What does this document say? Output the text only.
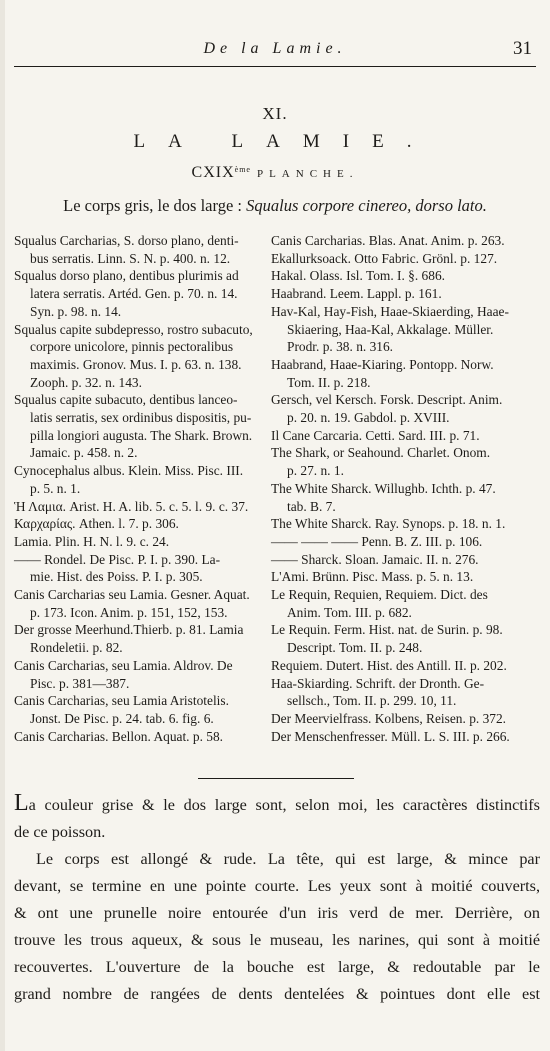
De la Lamie.	31
XI.
LA LAMIE.
CXIXème PLANCHE.
Le corps gris, le dos large : Squalus corpore cinereo, dorso lato.
Squalus Carcharias, S. dorso plano, denti-
bus serratis. Linn. S. N. p. 400. n. 12.
Squalus dorso plano, dentibus plurimis ad
latera serratis. Artéd. Gen. p. 70. n. 14.
Syn. p. 98. n. 14.
Squalus capite subdepresso, rostro subacuto,
corpore unicolore, pinnis pectoralibus
maximis. Gronov. Mus. I. p. 63. n. 138.
Zooph. p. 32. n. 143.
Squalus capite subacuto, dentibus lanceo-
latis serratis, sex ordinibus dispositis, pu-
pilla longiori augusta. The Shark. Brown.
Jamaic. p. 458. n. 2.
Cynocephalus albus. Klein. Miss. Pisc. III.
p. 5. n. 1.
Ἡ Λαμια. Arist. H. A. lib. 5. c. 5. l. 9. c. 37.
Καρχαρίας. Athen. l. 7. p. 306.
Lamia. Plin. H. N. l. 9. c. 24.
—— Rondel. De Pisc. P. I. p. 390. La-
mie. Hist. des Poiss. P. I. p. 305.
Canis Carcharias seu Lamia. Gesner. Aquat.
p. 173. Icon. Anim. p. 151, 152, 153.
Der grosse Meerhund.Thierb. p. 81. Lamia
Rondeletii. p. 82.
Canis Carcharias, seu Lamia. Aldrov. De
Pisc. p. 381—387.
Canis Carcharias, seu Lamia Aristotelis.
Jonst. De Pisc. p. 24. tab. 6. fig. 6.
Canis Carcharias. Bellon. Aquat. p. 58.
Canis Carcharias. Blas. Anat. Anim. p. 263.
Ekallurksoack. Otto Fabric. Grönl. p. 127.
Hakal. Olass. Isl. Tom. I. §. 686.
Haabrand. Leem. Lappl. p. 161.
Hav-Kal, Hay-Fish, Haae-Skiaerding, Haae-
Skiaering, Haa-Kal, Akkalage. Müller.
Prodr. p. 38. n. 316.
Haabrand, Haae-Kiaring. Pontopp. Norw.
Tom. II. p. 218.
Gersch, vel Kersch. Forsk. Descript. Anim.
p. 20. n. 19. Gabdol. p. XVIII.
Il Cane Carcaria. Cetti. Sard. III. p. 71.
The Shark, or Seahound. Charlet. Onom.
p. 27. n. 1.
The White Sharck. Willughb. Ichth. p. 47.
tab. B. 7.
The White Sharck. Ray. Synops. p. 18. n. 1.
—— —— —— Penn. B. Z. III. p. 106.
—— Sharck. Sloan. Jamaic. II. n. 276.
L'Ami. Brünn. Pisc. Mass. p. 5. n. 13.
Le Requin, Requien, Requiem. Dict. des
Anim. Tom. III. p. 682.
Le Requin. Ferm. Hist. nat. de Surin. p. 98.
Descript. Tom. II. p. 248.
Requiem. Dutert. Hist. des Antill. II. p. 202.
Haa-Skiarding. Schrift. der Dronth. Ge-
sellsch., Tom. II. p. 299. 10, 11.
Der Meervielfrass. Kolbens, Reisen. p. 372.
Der Menschenfresser. Müll. L. S. III. p. 266.
La couleur grise & le dos large sont, selon moi, les caractères distinctifs
de ce poisson.
Le corps est allongé & rude. La tête, qui est large, & mince par
devant, se termine en une pointe courte. Les yeux sont à moitié couverts,
& ont une prunelle noire entourée d'un iris verd de mer. Derrière, on
trouve les trous aqueux, & sous le museau, les narines, qui sont à moitié
recouvertes. L'ouverture de la bouche est large, & redoutable par le
grand nombre de rangées de dents dentelées & pointues dont elle est
